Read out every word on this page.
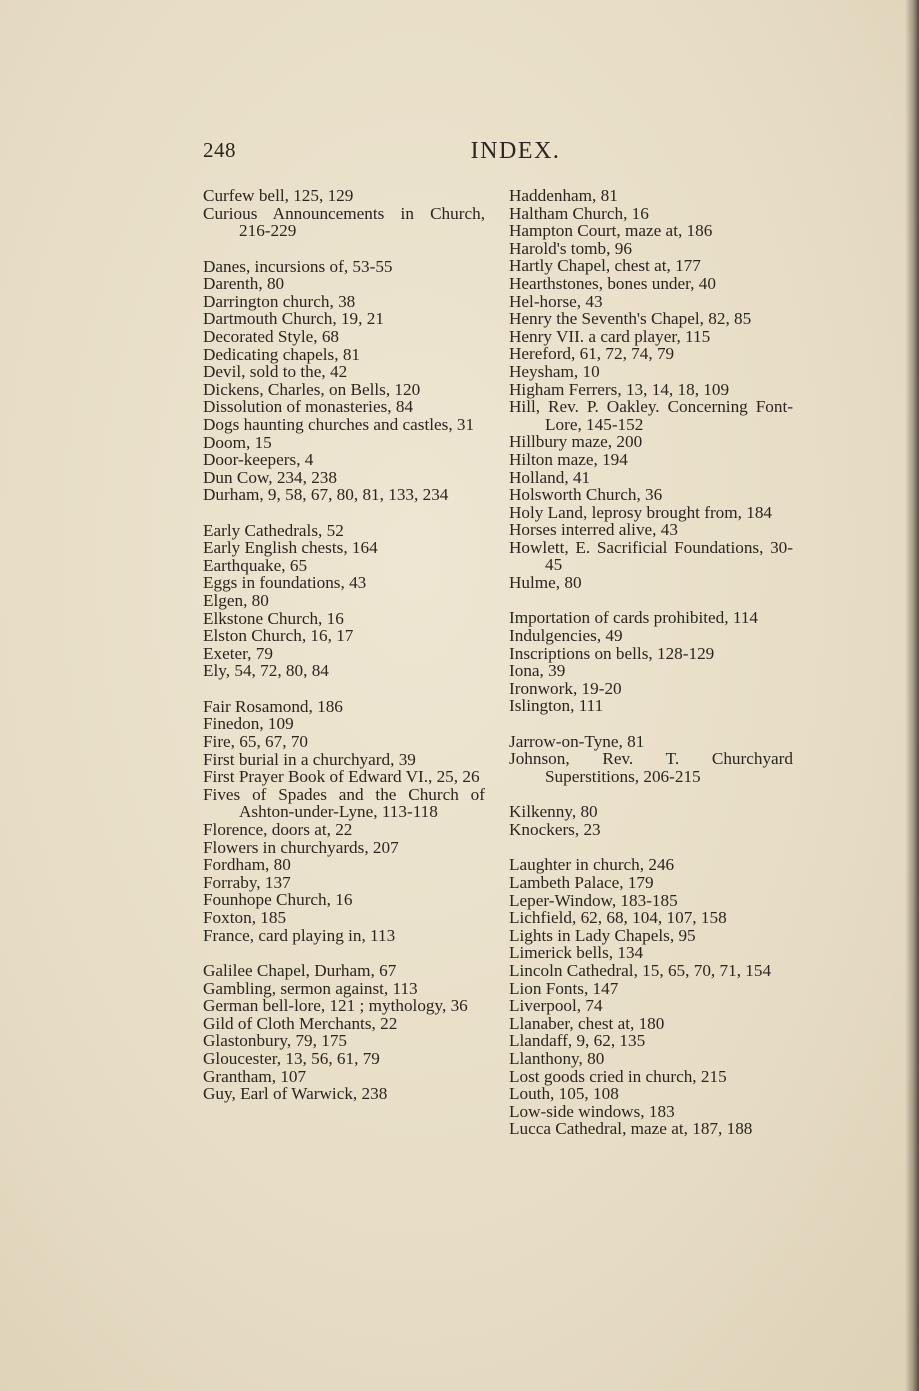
248	INDEX.
Curfew bell, 125, 129
Curious Announcements in Church, 216-229
Danes, incursions of, 53-55
Darenth, 80
Darrington church, 38
Dartmouth Church, 19, 21
Decorated Style, 68
Dedicating chapels, 81
Devil, sold to the, 42
Dickens, Charles, on Bells, 120
Dissolution of monasteries, 84
Dogs haunting churches and castles, 31
Doom, 15
Door-keepers, 4
Dun Cow, 234, 238
Durham, 9, 58, 67, 80, 81, 133, 234
Early Cathedrals, 52
Early English chests, 164
Earthquake, 65
Eggs in foundations, 43
Elgen, 80
Elkstone Church, 16
Elston Church, 16, 17
Exeter, 79
Ely, 54, 72, 80, 84
Fair Rosamond, 186
Finedon, 109
Fire, 65, 67, 70
First burial in a churchyard, 39
First Prayer Book of Edward VI., 25, 26
Fives of Spades and the Church of Ashton-under-Lyne, 113-118
Florence, doors at, 22
Flowers in churchyards, 207
Fordham, 80
Forraby, 137
Founhope Church, 16
Foxton, 185
France, card playing in, 113
Galilee Chapel, Durham, 67
Gambling, sermon against, 113
German bell-lore, 121 ; mythology, 36
Gild of Cloth Merchants, 22
Glastonbury, 79, 175
Gloucester, 13, 56, 61, 79
Grantham, 107
Guy, Earl of Warwick, 238
Haddenham, 81
Haltham Church, 16
Hampton Court, maze at, 186
Harold's tomb, 96
Hartly Chapel, chest at, 177
Hearthstones, bones under, 40
Hel-horse, 43
Henry the Seventh's Chapel, 82, 85
Henry VII. a card player, 115
Hereford, 61, 72, 74, 79
Heysham, 10
Higham Ferrers, 13, 14, 18, 109
Hill, Rev. P. Oakley. Concerning Font-Lore, 145-152
Hillbury maze, 200
Hilton maze, 194
Holland, 41
Holsworth Church, 36
Holy Land, leprosy brought from, 184
Horses interred alive, 43
Howlett, E. Sacrificial Foundations, 30-45
Hulme, 80
Importation of cards prohibited, 114
Indulgencies, 49
Inscriptions on bells, 128-129
Iona, 39
Ironwork, 19-20
Islington, 111
Jarrow-on-Tyne, 81
Johnson, Rev. T. Churchyard Superstitions, 206-215
Kilkenny, 80
Knockers, 23
Laughter in church, 246
Lambeth Palace, 179
Leper-Window, 183-185
Lichfield, 62, 68, 104, 107, 158
Lights in Lady Chapels, 95
Limerick bells, 134
Lincoln Cathedral, 15, 65, 70, 71, 154
Lion Fonts, 147
Liverpool, 74
Llanaber, chest at, 180
Llandaff, 9, 62, 135
Llanthony, 80
Lost goods cried in church, 215
Louth, 105, 108
Low-side windows, 183
Lucca Cathedral, maze at, 187, 188
